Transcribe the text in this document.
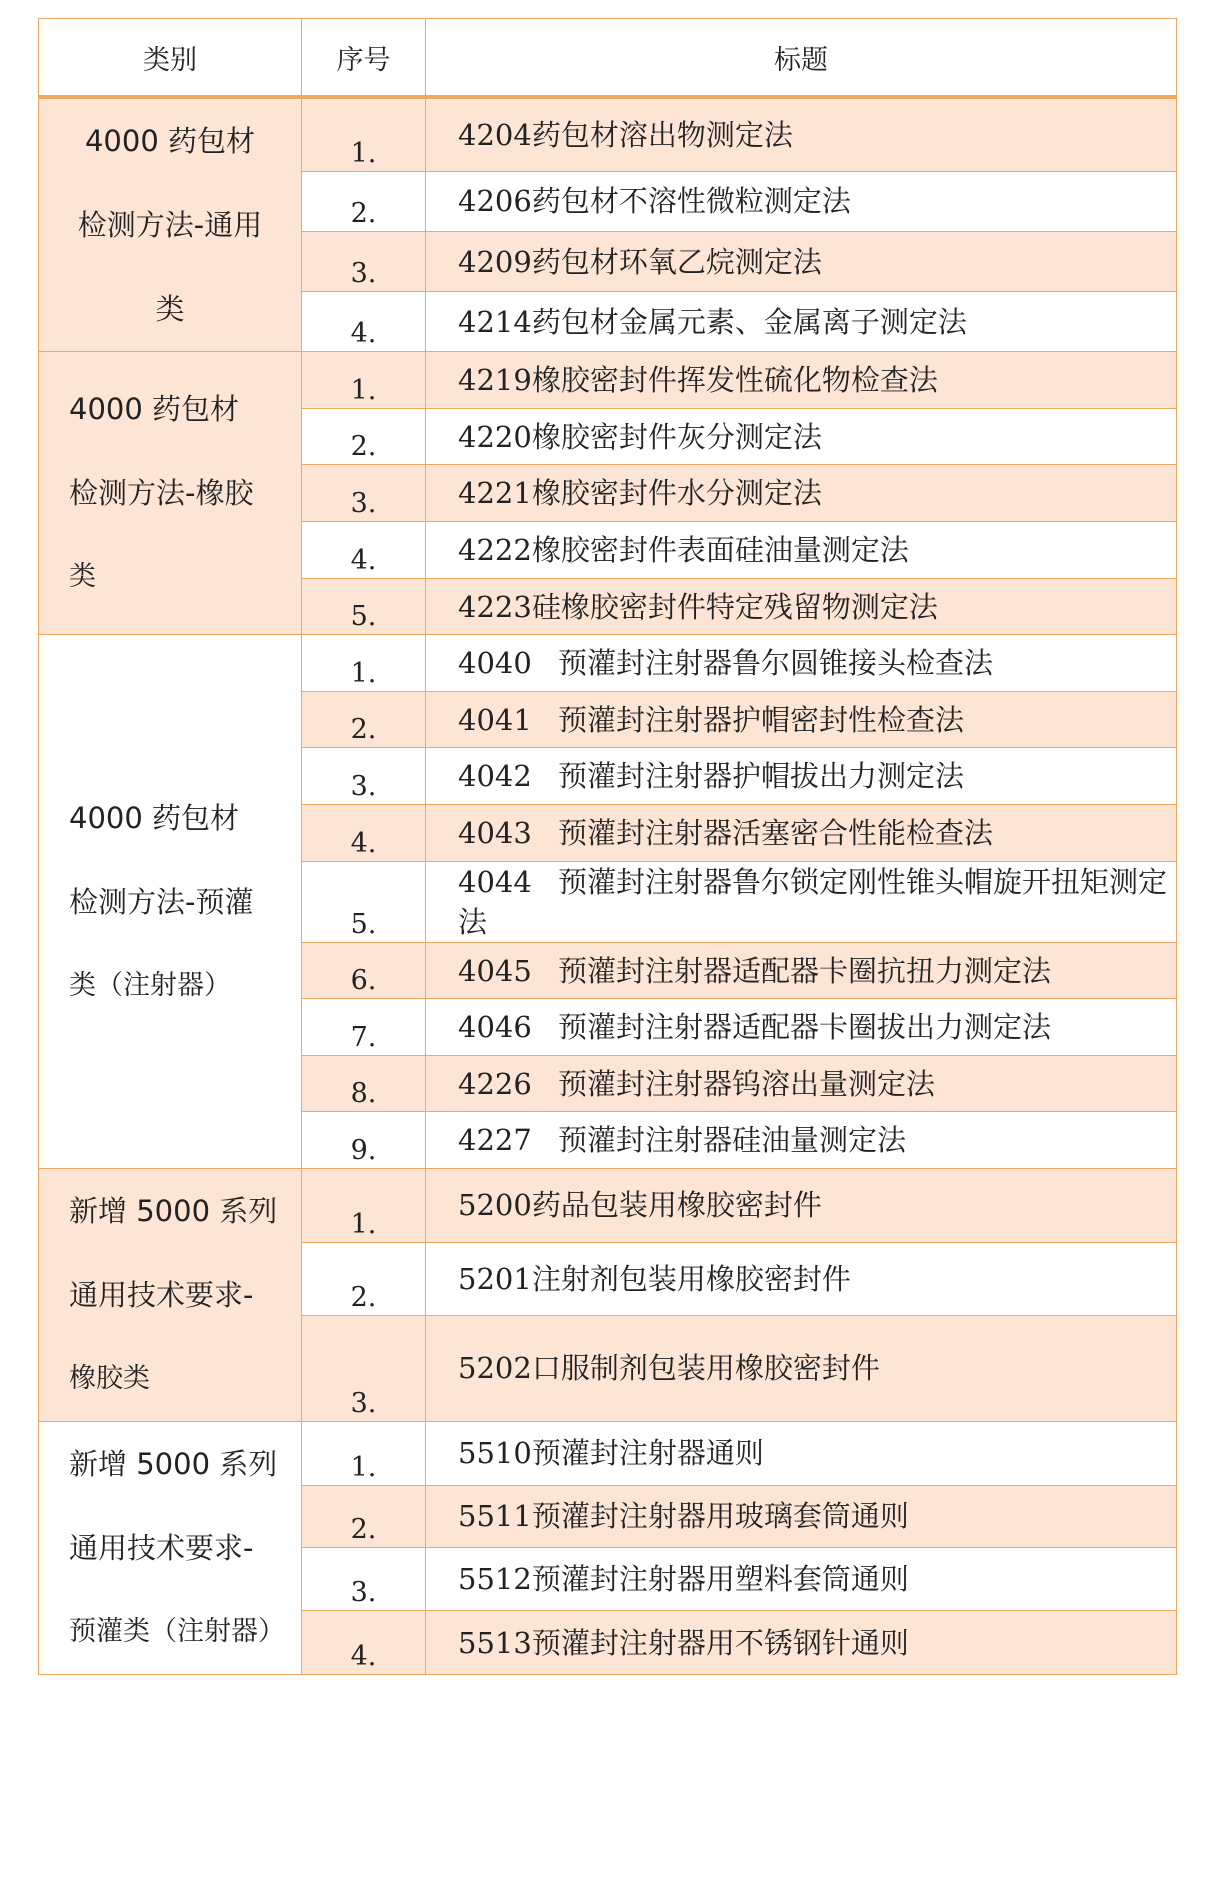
类别	序号	标题

4000 药包材
检测方法-通用
类	1.	4204药包材溶出物测定法
	2.	4206药包材不溶性微粒测定法
	3.	4209药包材环氧乙烷测定法
	4.	4214药包材金属元素、金属离子测定法

4000 药包材
检测方法-橡胶
类	1.	4219橡胶密封件挥发性硫化物检查法
	2.	4220橡胶密封件灰分测定法
	3.	4221橡胶密封件水分测定法
	4.	4222橡胶密封件表面硅油量测定法
	5.	4223硅橡胶密封件特定残留物测定法

4000 药包材
检测方法-预灌
类（注射器）	1.	4040 预灌封注射器鲁尔圆锥接头检查法
	2.	4041 预灌封注射器护帽密封性检查法
	3.	4042 预灌封注射器护帽拔出力测定法
	4.	4043 预灌封注射器活塞密合性能检查法
	5.	4044 预灌封注射器鲁尔锁定刚性锥头帽旋开扭矩测定法
	6.	4045 预灌封注射器适配器卡圈抗扭力测定法
	7.	4046 预灌封注射器适配器卡圈拔出力测定法
	8.	4226 预灌封注射器钨溶出量测定法
	9.	4227 预灌封注射器硅油量测定法

新增 5000 系列
通用技术要求-
橡胶类	1.	5200药品包装用橡胶密封件
	2.	5201注射剂包装用橡胶密封件
	3.	5202口服制剂包装用橡胶密封件

新增 5000 系列
通用技术要求-
预灌类（注射器）	1.	5510预灌封注射器通则
	2.	5511预灌封注射器用玻璃套筒通则
	3.	5512预灌封注射器用塑料套筒通则
	4.	5513预灌封注射器用不锈钢针通则
